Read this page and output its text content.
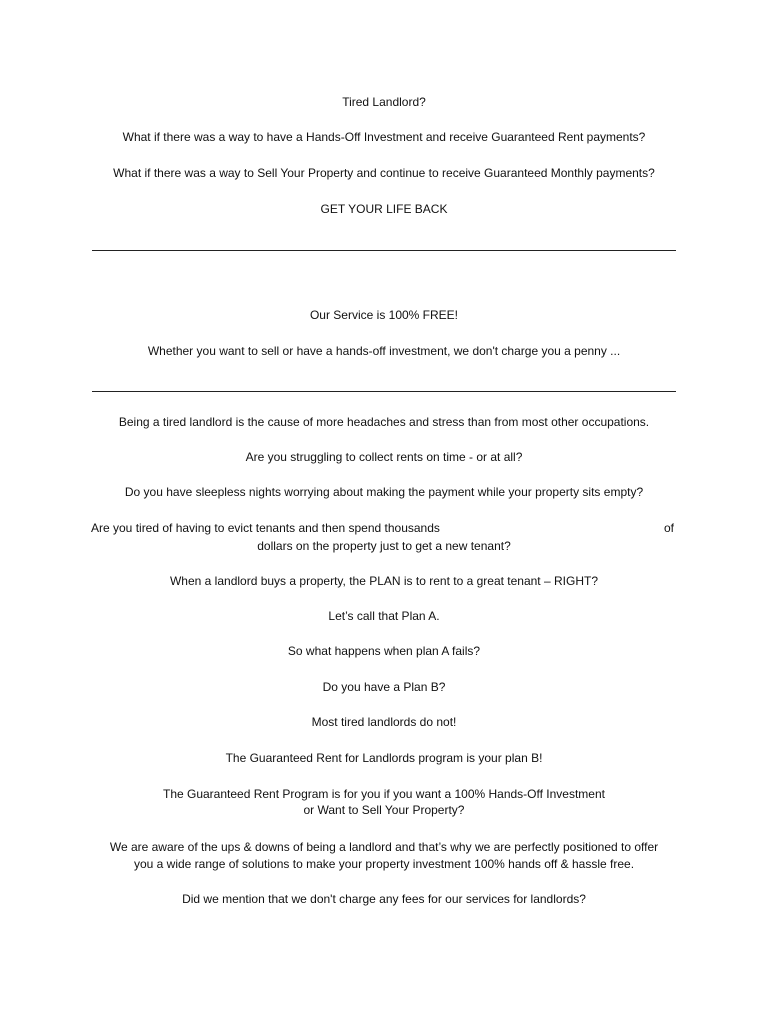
Tired Landlord?
What if there was a way to have a Hands-Off Investment and receive Guaranteed Rent payments?
What if there was a way to Sell Your Property and continue to receive Guaranteed Monthly payments?
GET YOUR LIFE BACK
Our Service is 100% FREE!
Whether you want to sell or have a hands-off investment, we don't charge you a penny ...
Being a tired landlord is the cause of more headaches and stress than from most other occupations.
Are you struggling to collect rents on time - or at all?
Do you have sleepless nights worrying about making the payment while your property sits empty?
Are you tired of having to evict tenants and then spend thousands	of
dollars on the property just to get a new tenant?
When a landlord buys a property, the PLAN is to rent to a great tenant – RIGHT?
Let’s call that Plan A.
So what happens when plan A fails?
Do you have a Plan B?
Most tired landlords do not!
The Guaranteed Rent for Landlords program is your plan B!
The Guaranteed Rent Program is for you if you want a 100% Hands-Off Investment
or Want to Sell Your Property?
We are aware of the ups & downs of being a landlord and that’s why we are perfectly positioned to offer
you a wide range of solutions to make your property investment 100% hands off & hassle free.
Did we mention that we don't charge any fees for our services for landlords?
